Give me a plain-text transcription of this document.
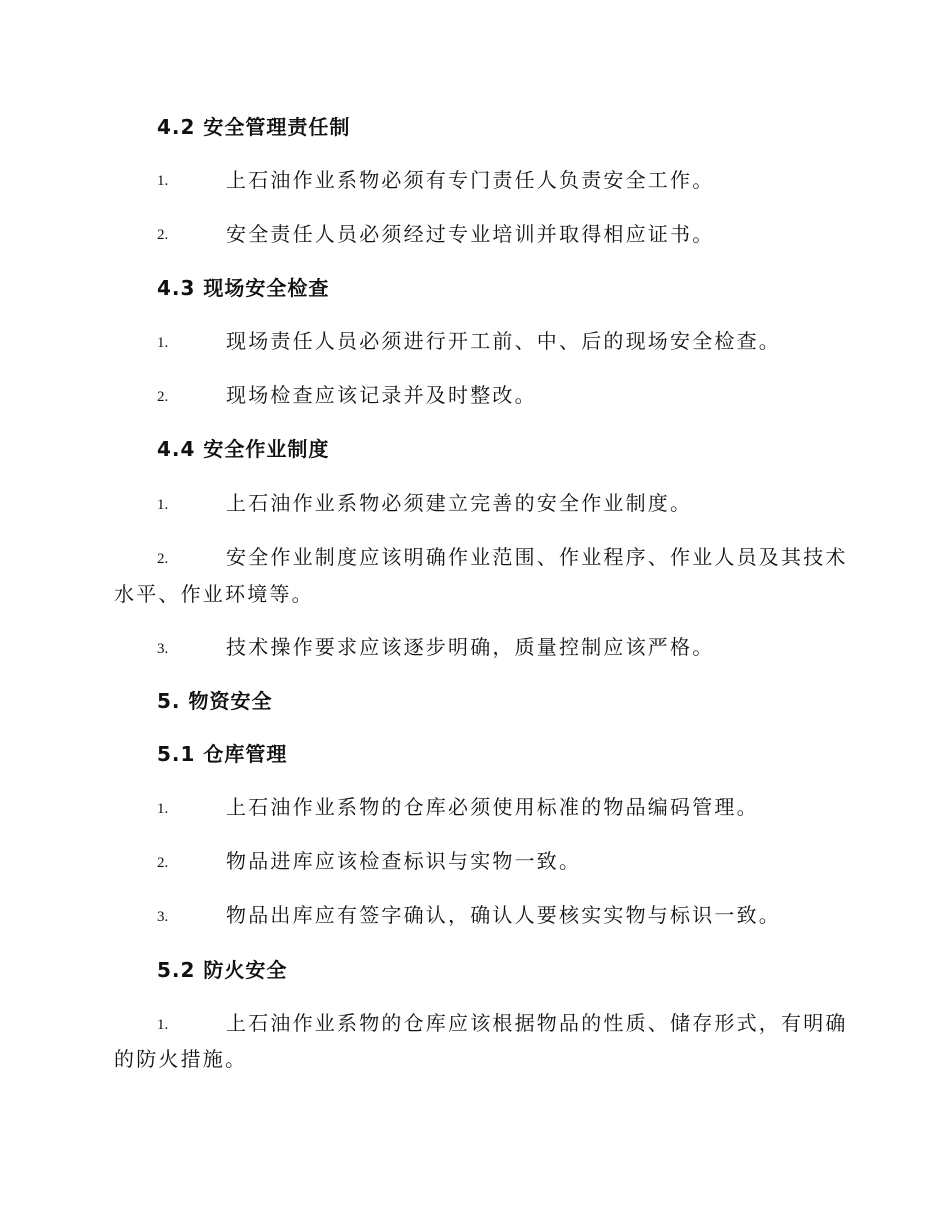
4.2 安全管理责任制
1.	上石油作业系物必须有专门责任人负责安全工作。
2.	安全责任人员必须经过专业培训并取得相应证书。
4.3 现场安全检查
1.	现场责任人员必须进行开工前、中、后的现场安全检查。
2.	现场检查应该记录并及时整改。
4.4 安全作业制度
1.	上石油作业系物必须建立完善的安全作业制度。
2.	安全作业制度应该明确作业范围、作业程序、作业人员及其技术
水平、作业环境等。
3.	技术操作要求应该逐步明确，质量控制应该严格。
5. 物资安全
5.1 仓库管理
1.	上石油作业系物的仓库必须使用标准的物品编码管理。
2.	物品进库应该检查标识与实物一致。
3.	物品出库应有签字确认，确认人要核实实物与标识一致。
5.2 防火安全
1.	上石油作业系物的仓库应该根据物品的性质、储存形式，有明确
的防火措施。
